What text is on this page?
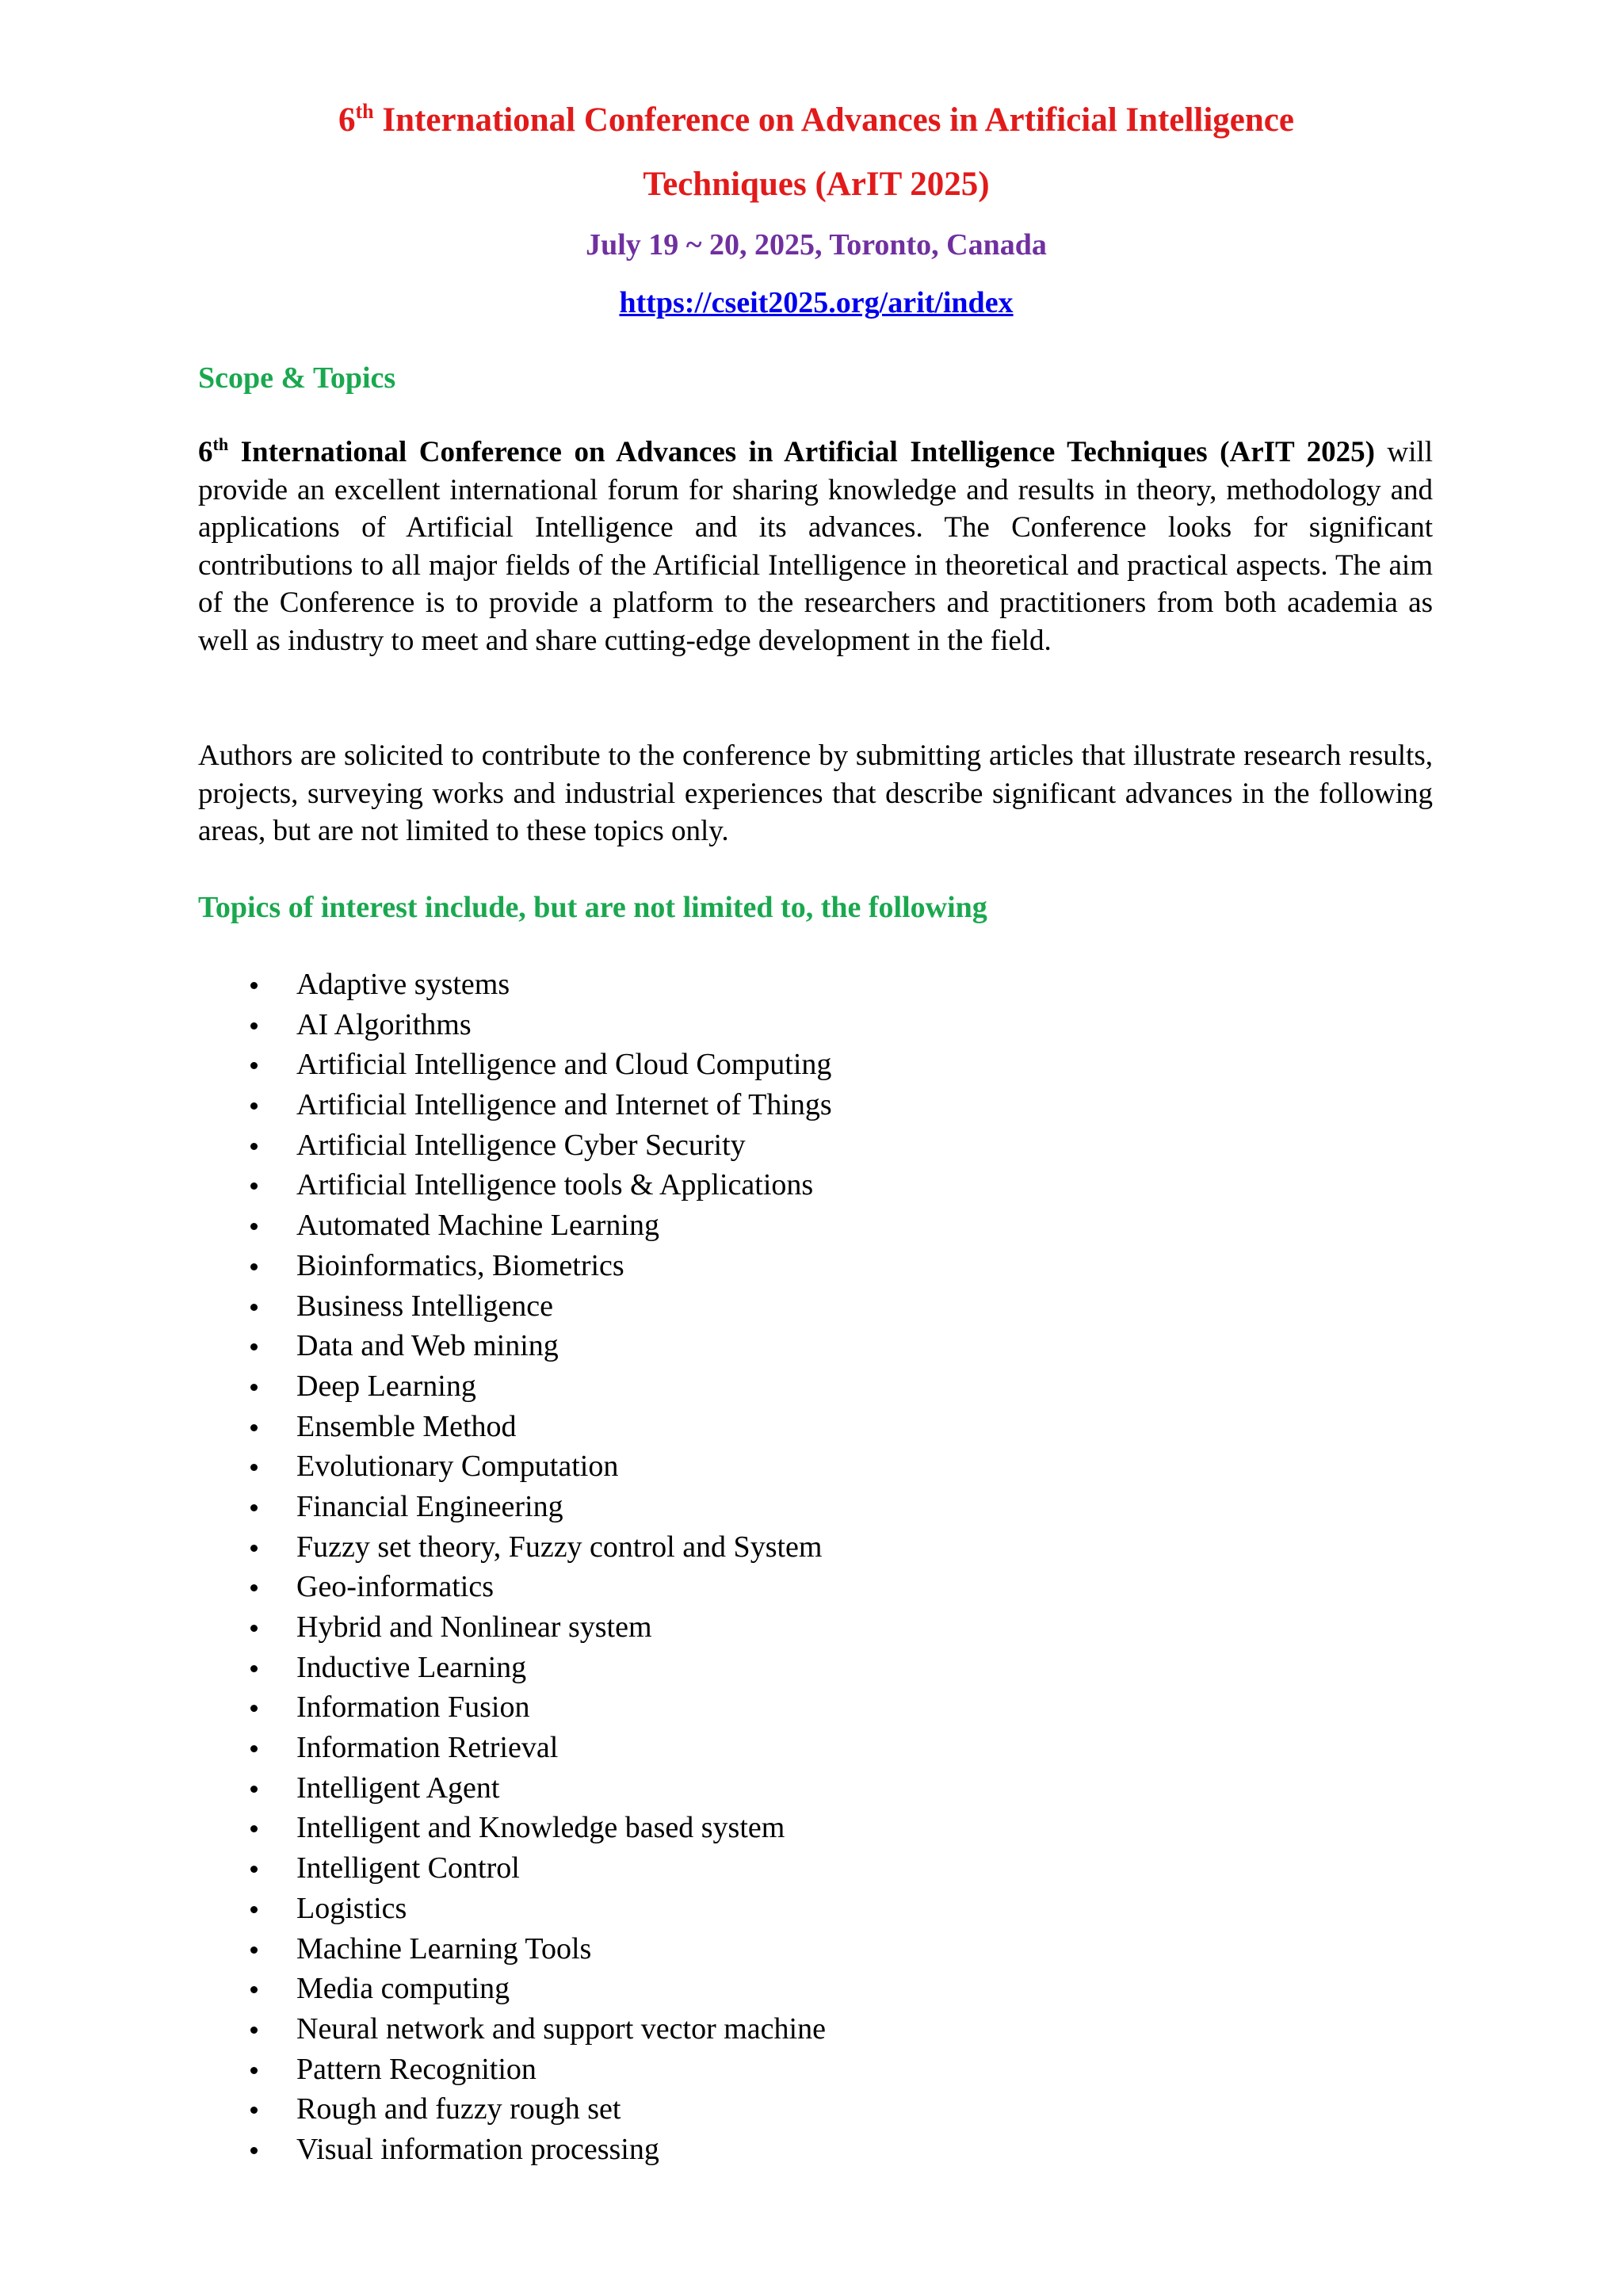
6th International Conference on Advances in Artificial Intelligence
Techniques (ArIT 2025)

July 19 ~ 20, 2025, Toronto, Canada

https://cseit2025.org/arit/index

Scope & Topics

6th International Conference on Advances in Artificial Intelligence Techniques (ArIT 2025) will provide an excellent international forum for sharing knowledge and results in theory, methodology and applications of Artificial Intelligence and its advances. The Conference looks for significant contributions to all major fields of the Artificial Intelligence in theoretical and practical aspects. The aim of the Conference is to provide a platform to the researchers and practitioners from both academia as well as industry to meet and share cutting-edge development in the field.

Authors are solicited to contribute to the conference by submitting articles that illustrate research results, projects, surveying works and industrial experiences that describe significant advances in the following areas, but are not limited to these topics only.

Topics of interest include, but are not limited to, the following
Adaptive systems
AI Algorithms
Artificial Intelligence and Cloud Computing
Artificial Intelligence and Internet of Things
Artificial Intelligence Cyber Security
Artificial Intelligence tools & Applications
Automated Machine Learning
Bioinformatics, Biometrics
Business Intelligence
Data and Web mining
Deep Learning
Ensemble Method
Evolutionary Computation
Financial Engineering
Fuzzy set theory, Fuzzy control and System
Geo-informatics
Hybrid and Nonlinear system
Inductive Learning
Information Fusion
Information Retrieval
Intelligent Agent
Intelligent and Knowledge based system
Intelligent Control
Logistics
Machine Learning Tools
Media computing
Neural network and support vector machine
Pattern Recognition
Rough and fuzzy rough set
Visual information processing
